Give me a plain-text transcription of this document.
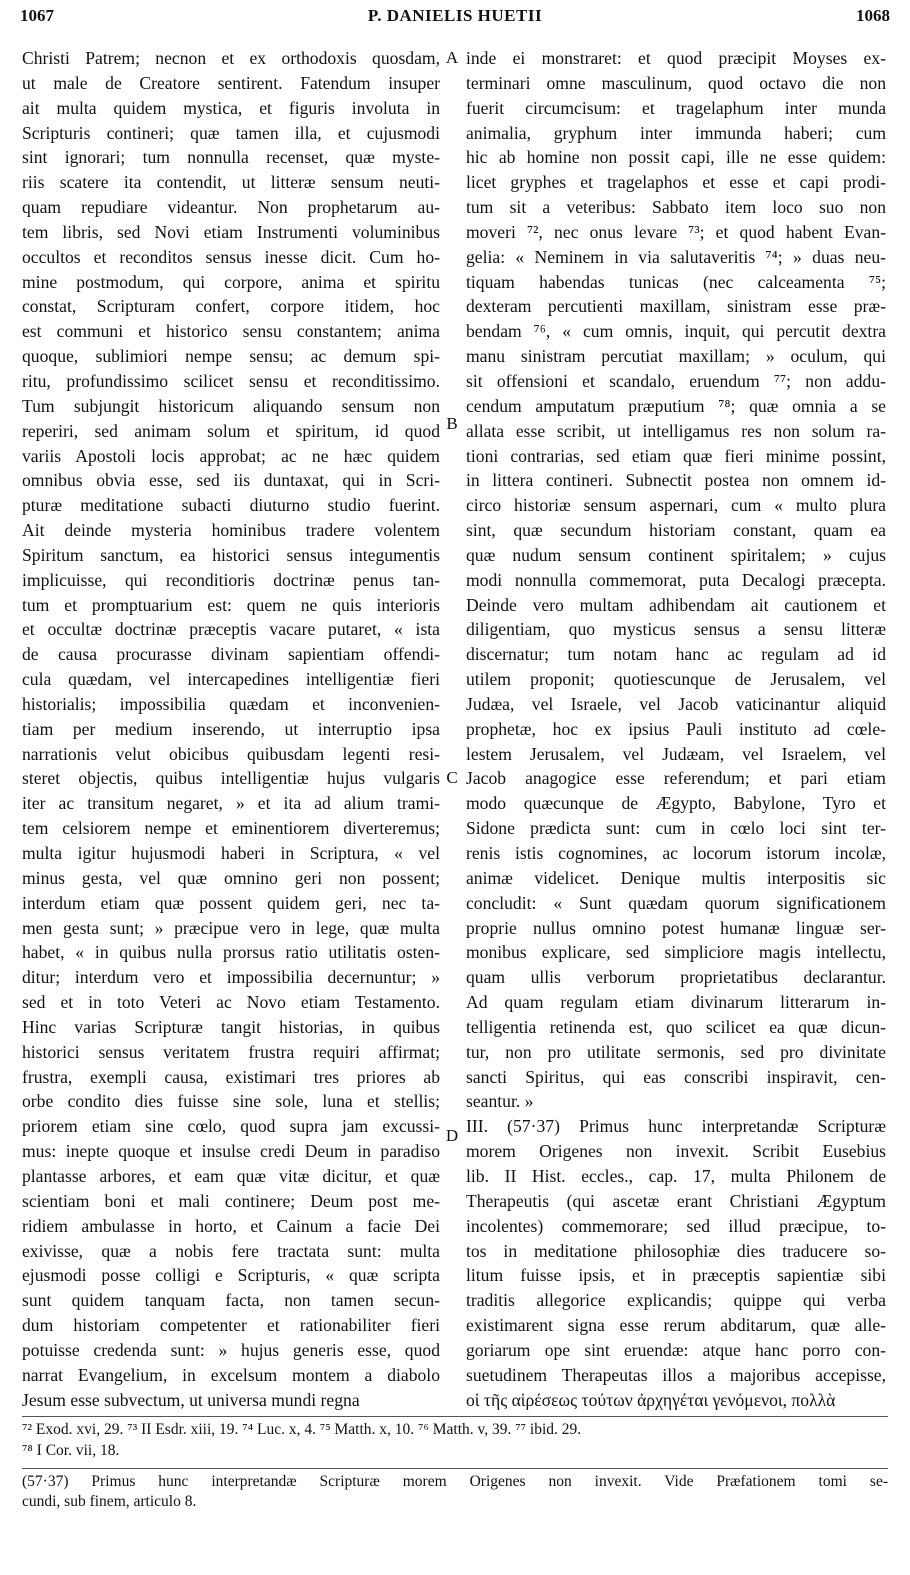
1067	P. DANIELIS HUETII	1068
Christi Patrem; necnon et ex orthodoxis quosdam,
ut male de Creatore sentirent. Fatendum insuper
ait multa quidem mystica, et figuris involuta in
Scripturis contineri; quæ tamen illa, et cujusmodi
sint ignorari; tum nonnulla recenset, quæ myste-
riis scatere ita contendit, ut litteræ sensum neuti-
quam repudiare videantur. Non prophetarum au-
tem libris, sed Novi etiam Instrumenti voluminibus
occultos et reconditos sensus inesse dicit. Cum ho-
mine postmodum, qui corpore, anima et spiritu
constat, Scripturam confert, corpore itidem, hoc
est communi et historico sensu constantem; anima
quoque, sublimiori nempe sensu; ac demum spi-
ritu, profundissimo scilicet sensu et reconditissimo.
Tum subjungit historicum aliquando sensum non
reperiri, sed animam solum et spiritum, id quod
variis Apostoli locis approbat; ac ne hæc quidem
omnibus obvia esse, sed iis duntaxat, qui in Scri-
pturæ meditatione subacti diuturno studio fuerint.
Ait deinde mysteria hominibus tradere volentem
Spiritum sanctum, ea historici sensus integumentis
implicuisse, qui reconditioris doctrinæ penus tan-
tum et promptuarium est: quem ne quis interioris
et occultæ doctrinæ præceptis vacare putaret, « ista
de causa procurasse divinam sapientiam offendi-
cula quædam, vel intercapedines intelligentiæ fieri
historialis; impossibilia quædam et inconvenien-
tiam per medium inserendo, ut interruptio ipsa
narrationis velut obicibus quibusdam legenti resi-
steret objectis, quibus intelligentiæ hujus vulgaris
iter ac transitum negaret, » et ita ad alium trami-
tem celsiorem nempe et eminentiorem diverteremus;
multa igitur hujusmodi haberi in Scriptura, « vel
minus gesta, vel quæ omnino geri non possent;
interdum etiam quæ possent quidem geri, nec ta-
men gesta sunt; » præcipue vero in lege, quæ multa
habet, « in quibus nulla prorsus ratio utilitatis osten-
ditur; interdum vero et impossibilia decernuntur; »
sed et in toto Veteri ac Novo etiam Testamento.
Hinc varias Scripturæ tangit historias, in quibus
historici sensus veritatem frustra requiri affirmat;
frustra, exempli causa, existimari tres priores ab
orbe condito dies fuisse sine sole, luna et stellis;
priorem etiam sine cœlo, quod supra jam excussi-
mus: inepte quoque et insulse credi Deum in paradiso
plantasse arbores, et eam quæ vitæ dicitur, et quæ
scientiam boni et mali continere; Deum post me-
ridiem ambulasse in horto, et Cainum a facie Dei
exivisse, quæ a nobis fere tractata sunt: multa
ejusmodi posse colligi e Scripturis, « quæ scripta
sunt quidem tanquam facta, non tamen secun-
dum historiam competenter et rationabiliter fieri
potuisse credenda sunt: » hujus generis esse, quod
narrat Evangelium, in excelsum montem a diabolo
Jesum esse subvectum, ut universa mundi regna
inde ei monstraret: et quod præcipit Moyses ex-
terminari omne masculinum, quod octavo die non
fuerit circumcisum: et tragelaphum inter munda
animalia, gryphum inter immunda haberi; cum
hic ab homine non possit capi, ille ne esse quidem:
licet gryphes et tragelaphos et esse et capi prodi-
tum sit a veteribus: Sabbato item loco suo non
moveri ⁷², nec onus levare ⁷³; et quod habent Evan-
gelia: « Neminem in via salutaveritis ⁷⁴; » duas neu-
tiquam habendas tunicas (nec calceamenta ⁷⁵;
dexteram percutienti maxillam, sinistram esse præ-
bendam ⁷⁶, « cum omnis, inquit, qui percutit dextra
manu sinistram percutiat maxillam; » oculum, qui
sit offensioni et scandalo, eruendum ⁷⁷; non addu-
cendum amputatum præputium ⁷⁸; quæ omnia a se
allata esse scribit, ut intelligamus res non solum ra-
tioni contrarias, sed etiam quæ fieri minime possint,
in littera contineri. Subnectit postea non omnem id-
circo historiæ sensum aspernari, cum « multo plura
sint, quæ secundum historiam constant, quam ea
quæ nudum sensum continent spiritalem; » cujus
modi nonnulla commemorat, puta Decalogi præcepta.
Deinde vero multam adhibendam ait cautionem et
diligentiam, quo mysticus sensus a sensu litteræ
discernatur; tum notam hanc ac regulam ad id
utilem proponit; quotiescunque de Jerusalem, vel
Judæa, vel Israele, vel Jacob vaticinantur aliquid
prophetæ, hoc ex ipsius Pauli instituto ad cœle-
lestem Jerusalem, vel Judæam, vel Israelem, vel
Jacob anagogice esse referendum; et pari etiam
modo quæcunque de Ægypto, Babylone, Tyro et
Sidone prædicta sunt: cum in cœlo loci sint ter-
renis istis cognomines, ac locorum istorum incolæ,
animæ videlicet. Denique multis interpositis sic
concludit: « Sunt quædam quorum significationem
proprie nullus omnino potest humanæ linguæ ser-
monibus explicare, sed simpliciore magis intellectu,
quam ullis verborum proprietatibus declarantur.
Ad quam regulam etiam divinarum litterarum in-
telligentia retinenda est, quo scilicet ea quæ dicun-
tur, non pro utilitate sermonis, sed pro divinitate
sancti Spiritus, qui eas conscribi inspiravit, cen-
seantur. »
III. (57·37) Primus hunc interpretandæ Scripturæ
morem Origenes non invexit. Scribit Eusebius
lib. II Hist. eccles., cap. 17, multa Philonem de
Therapeutis (qui ascetæ erant Christiani Ægyptum
incolentes) commemorare; sed illud præcipue, to-
tos in meditatione philosophiæ dies traducere so-
litum fuisse ipsis, et in præceptis sapientiæ sibi
traditis allegorice explicandis; quippe qui verba
existimarent signa esse rerum abditarum, quæ alle-
goriarum ope sint eruendæ: atque hanc porro con-
suetudinem Therapeutas illos a majoribus accepisse,
οἱ τῆς αἱρέσεως τούτων ἀρχηγέται γενόμενοι, πολλὰ
A
B
C
D
⁷² Exod. xvi, 29. ⁷³ II Esdr. xiii, 19. ⁷⁴ Luc. x, 4. ⁷⁵ Matth. x, 10. ⁷⁶ Matth. v, 39. ⁷⁷ ibid. 29.
⁷⁸ I Cor. vii, 18.
(57·37) Primus hunc interpretandæ Scripturæ morem Origenes non invexit. Vide Præfationem tomi se-
cundi, sub finem, articulo 8.
